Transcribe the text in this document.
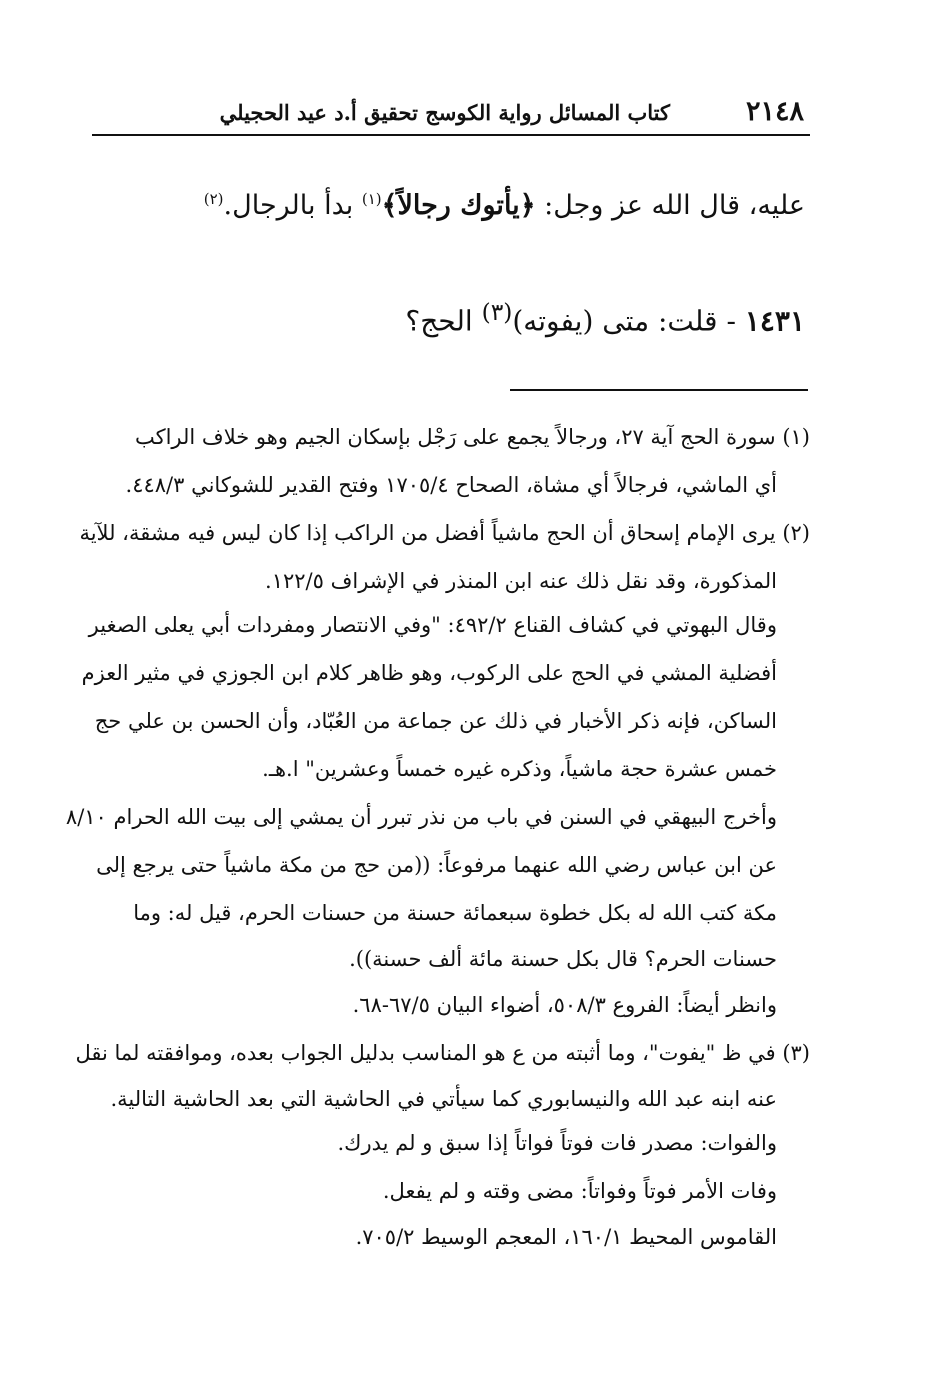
٢١٤٨
كتاب المسائل رواية الكوسج تحقيق أ.د عيد الحجيلي
عليه، قال الله عز وجل: ﴿يأتوك رجالاً﴾$^{(١)}$ بدأ بالرجال.$^{(٢)}$
١٤٣١ - قلت: متى (يفوته)$^{(٣)}$ الحج؟
(١) سورة الحج آية ٢٧، ورجالاً يجمع على رَجْل بإسكان الجيم وهو خلاف الراكب
أي الماشي، فرجالاً أي مشاة، الصحاح ١٧٠٥/٤ وفتح القدير للشوكاني ٤٤٨/٣.
(٢) يرى الإمام إسحاق أن الحج ماشياً أفضل من الراكب إذا كان ليس فيه مشقة، للآية
المذكورة، وقد نقل ذلك عنه ابن المنذر في الإشراف ١٢٢/٥.
وقال البهوتي في كشاف القناع ٤٩٢/٢: "وفي الانتصار ومفردات أبي يعلى الصغير
أفضلية المشي في الحج على الركوب، وهو ظاهر كلام ابن الجوزي في مثير العزم
الساكن، فإنه ذكر الأخبار في ذلك عن جماعة من العُبّاد، وأن الحسن بن علي حج
خمس عشرة حجة ماشياً، وذكره غيره خمساً وعشرين" ا.هـ.
وأخرج البيهقي في السنن في باب من نذر تبرر أن يمشي إلى بيت الله الحرام ٨/١٠
عن ابن عباس رضي الله عنهما مرفوعاً: ((من حج من مكة ماشياً حتى يرجع إلى
مكة كتب الله له بكل خطوة سبعمائة حسنة من حسنات الحرم، قيل له: وما
حسنات الحرم؟ قال بكل حسنة مائة ألف حسنة)).
وانظر أيضاً: الفروع ٥٠٨/٣، أضواء البيان ٦٧/٥-٦٨.
(٣) في ظ "يفوت"، وما أثبته من ع هو المناسب بدليل الجواب بعده، وموافقته لما نقل
عنه ابنه عبد الله والنيسابوري كما سيأتي في الحاشية التي بعد الحاشية التالية.
والفوات: مصدر فات فوتاً فواتاً إذا سبق و لم يدرك.
وفات الأمر فوتاً وفواتاً: مضى وقته و لم يفعل.
القاموس المحيط ١٦٠/١، المعجم الوسيط ٧٠٥/٢.
